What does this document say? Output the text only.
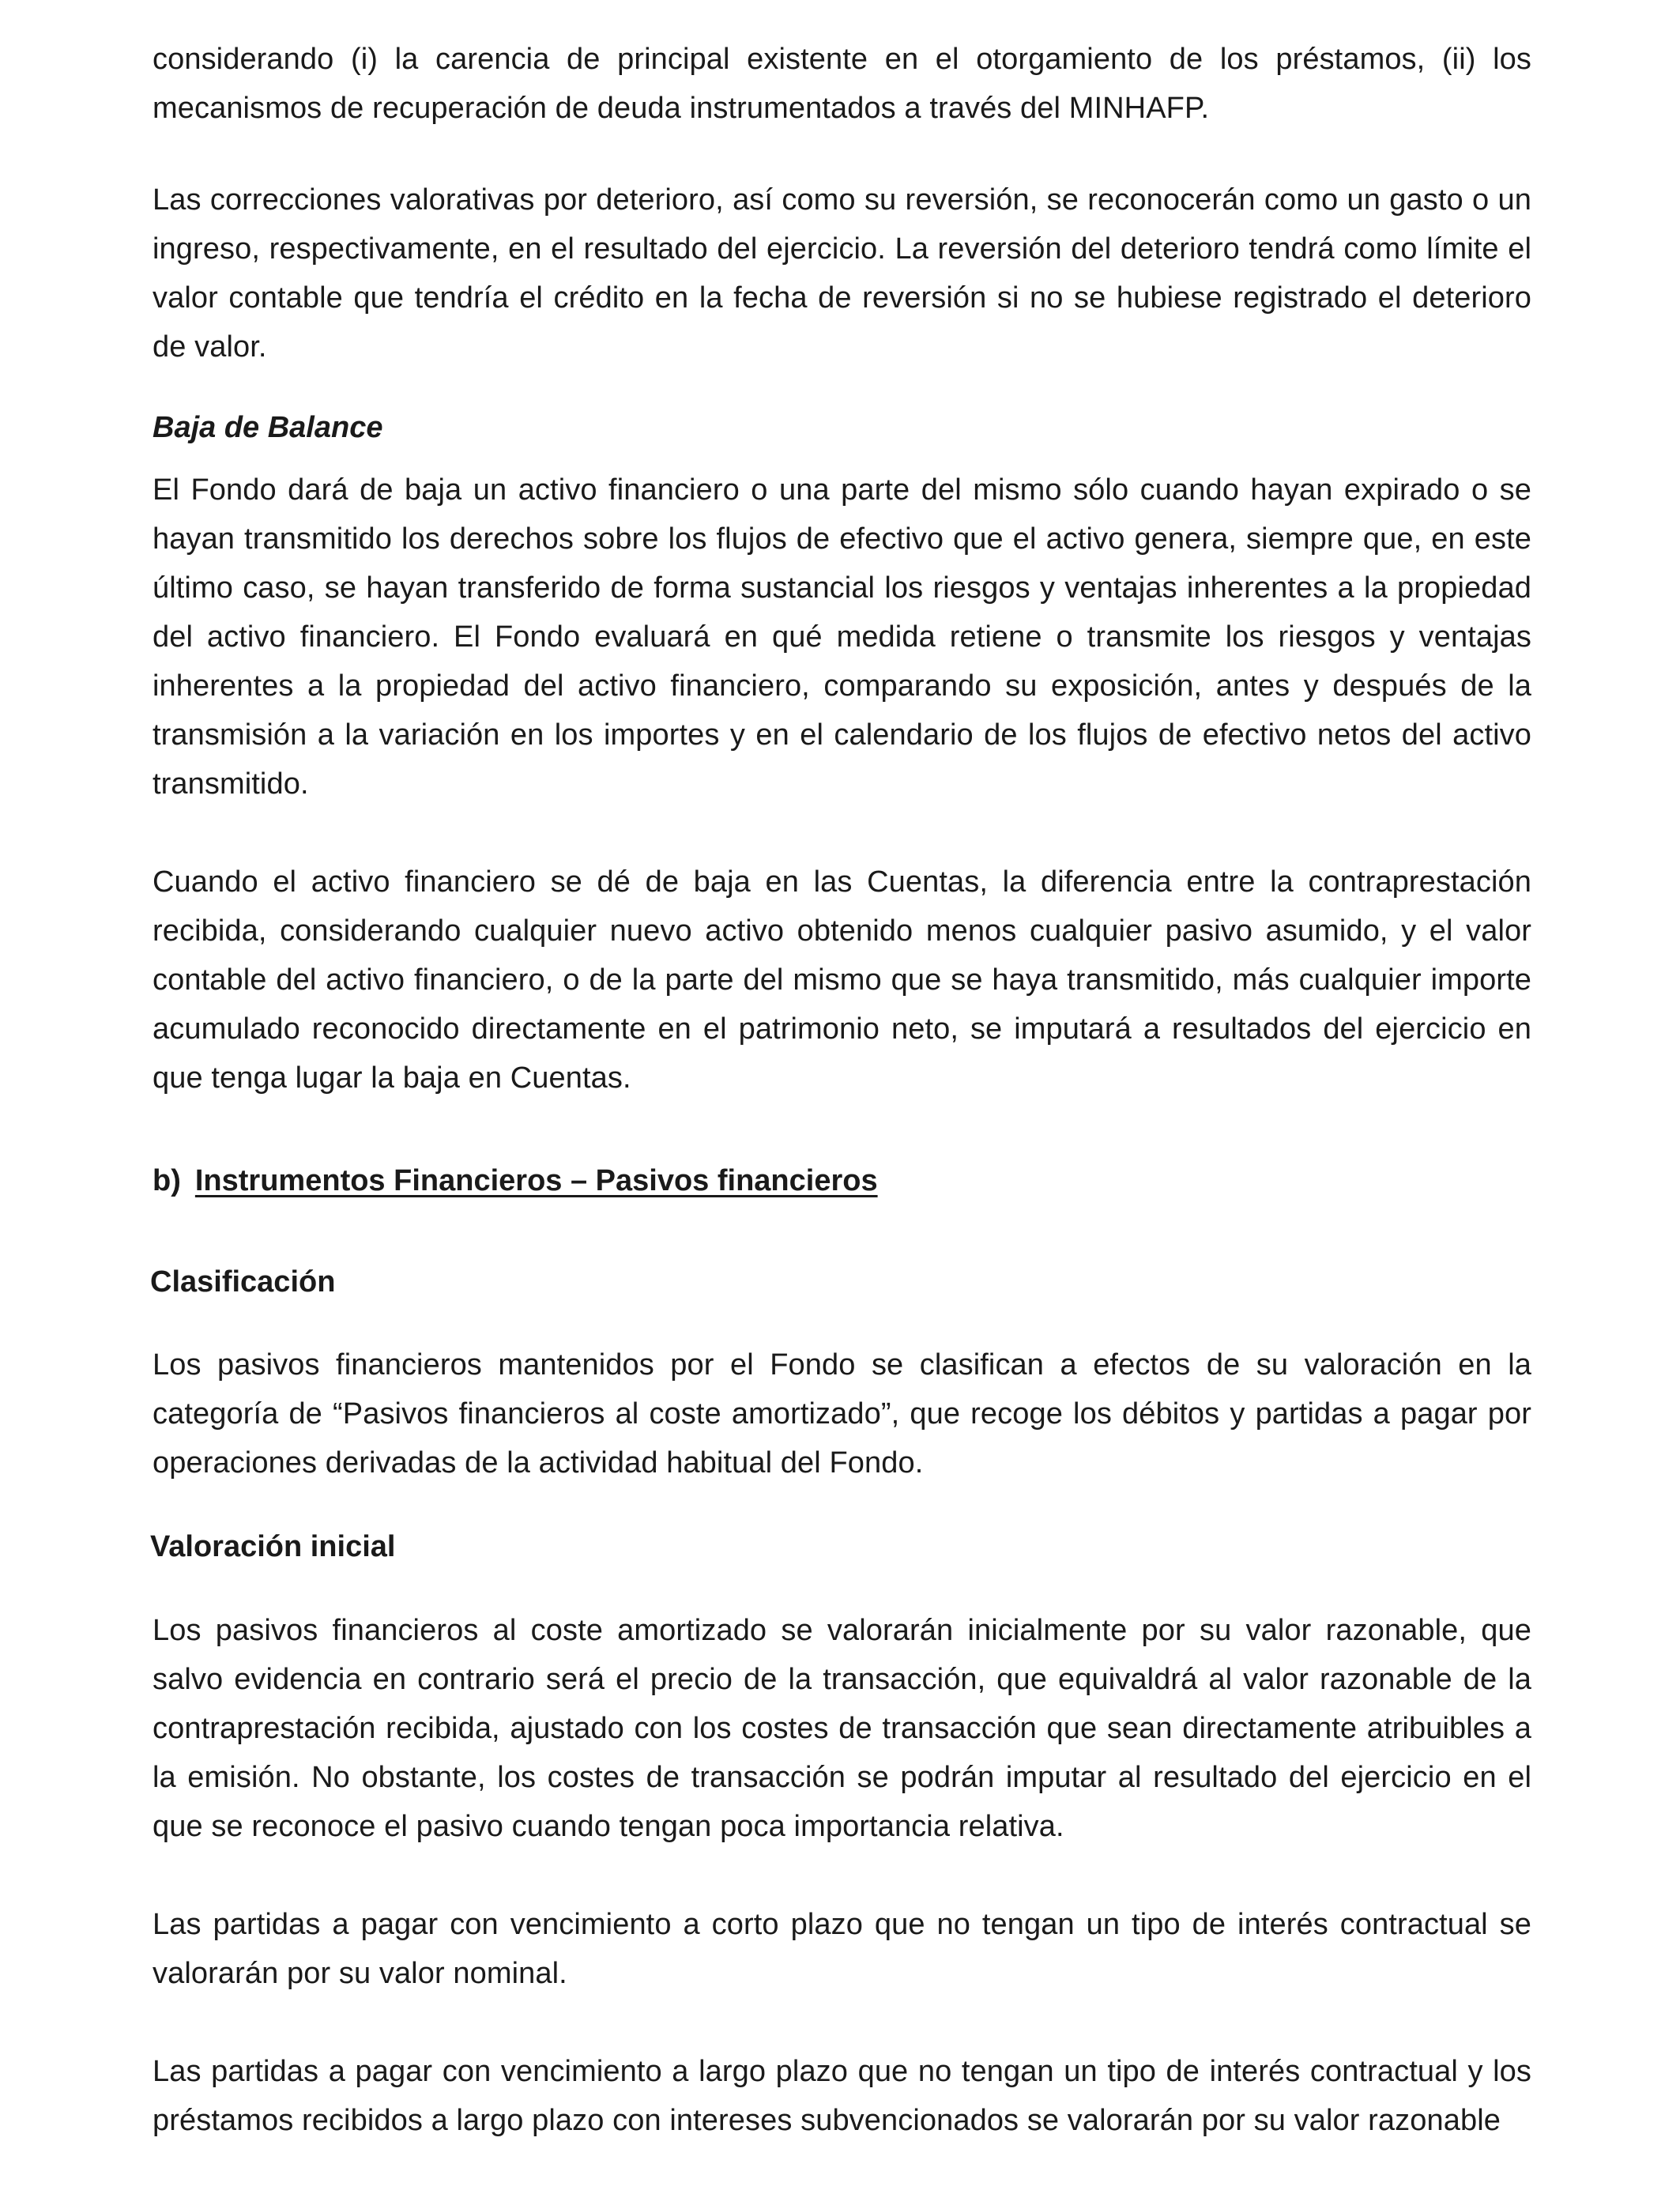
considerando (i) la carencia de principal existente en el otorgamiento de los préstamos, (ii) los mecanismos de recuperación de deuda instrumentados a través del MINHAFP.

Las correcciones valorativas por deterioro, así como su reversión, se reconocerán como un gasto o un ingreso, respectivamente, en el resultado del ejercicio. La reversión del deterioro tendrá como límite el valor contable que tendría el crédito en la fecha de reversión si no se hubiese registrado el deterioro de valor.

Baja de Balance

El Fondo dará de baja un activo financiero o una parte del mismo sólo cuando hayan expirado o se hayan transmitido los derechos sobre los flujos de efectivo que el activo genera, siempre que, en este último caso, se hayan transferido de forma sustancial los riesgos y ventajas inherentes a la propiedad del activo financiero. El Fondo evaluará en qué medida retiene o transmite los riesgos y ventajas inherentes a la propiedad del activo financiero, comparando su exposición, antes y después de la transmisión a la variación en los importes y en el calendario de los flujos de efectivo netos del activo transmitido.

Cuando el activo financiero se dé de baja en las Cuentas, la diferencia entre la contraprestación recibida, considerando cualquier nuevo activo obtenido menos cualquier pasivo asumido, y el valor contable del activo financiero, o de la parte del mismo que se haya transmitido, más cualquier importe acumulado reconocido directamente en el patrimonio neto, se imputará a resultados del ejercicio en que tenga lugar la baja en Cuentas.

b) Instrumentos Financieros – Pasivos financieros
Clasificación

Los pasivos financieros mantenidos por el Fondo se clasifican a efectos de su valoración en la categoría de “Pasivos financieros al coste amortizado”, que recoge los débitos y partidas a pagar por operaciones derivadas de la actividad habitual del Fondo.

Valoración inicial

Los pasivos financieros al coste amortizado se valorarán inicialmente por su valor razonable, que salvo evidencia en contrario será el precio de la transacción, que equivaldrá al valor razonable de la contraprestación recibida, ajustado con los costes de transacción que sean directamente atribuibles a la emisión. No obstante, los costes de transacción se podrán imputar al resultado del ejercicio en el que se reconoce el pasivo cuando tengan poca importancia relativa.

Las partidas a pagar con vencimiento a corto plazo que no tengan un tipo de interés contractual se valorarán por su valor nominal.

Las partidas a pagar con vencimiento a largo plazo que no tengan un tipo de interés contractual y los préstamos recibidos a largo plazo con intereses subvencionados se valorarán por su valor razonable
